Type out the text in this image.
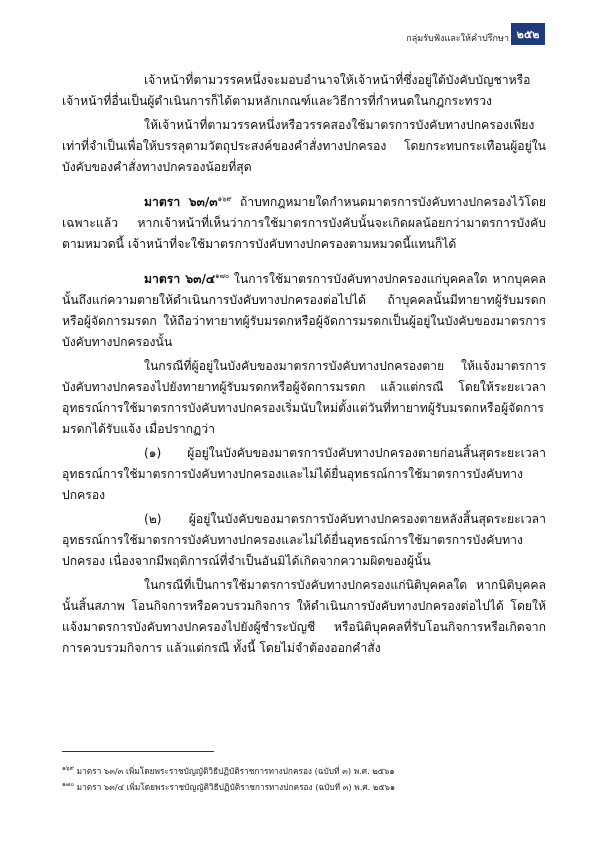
กลุ่มรับฟังและให้คำปรึกษา ๒๕๒

เจ้าหน้าที่ตามวรรคหนึ่งจะมอบอำนาจให้เจ้าหน้าที่ซึ่งอยู่ใต้บังคับบัญชาหรือเจ้าหน้าที่อื่นเป็นผู้ดำเนินการก็ได้ตามหลักเกณฑ์และวิธีการที่กำหนดในกฎกระทรวง

ให้เจ้าหน้าที่ตามวรรคหนึ่งหรือวรรคสองใช้มาตรการบังคับทางปกครองเพียงเท่าที่จำเป็นเพื่อให้บรรลุตามวัตถุประสงค์ของคำสั่งทางปกครอง โดยกระทบกระเทือนผู้อยู่ในบังคับของคำสั่งทางปกครองน้อยที่สุด

มาตรา ๖๓/๓$^{๑๖๙}$ ถ้าบทกฎหมายใดกำหนดมาตรการบังคับทางปกครองไว้โดยเฉพาะแล้ว หากเจ้าหน้าที่เห็นว่าการใช้มาตรการบังคับนั้นจะเกิดผลน้อยกว่ามาตรการบังคับตามหมวดนี้ เจ้าหน้าที่จะใช้มาตรการบังคับทางปกครองตามหมวดนี้แทนก็ได้

มาตรา ๖๓/๔$^{๑๗๐}$ ในการใช้มาตรการบังคับทางปกครองแก่บุคคลใด หากบุคคลนั้นถึงแก่ความตายให้ดำเนินการบังคับทางปกครองต่อไปได้ ถ้าบุคคลนั้นมีทายาทผู้รับมรดกหรือผู้จัดการมรดก ให้ถือว่าทายาทผู้รับมรดกหรือผู้จัดการมรดกเป็นผู้อยู่ในบังคับของมาตรการบังคับทางปกครองนั้น

ในกรณีที่ผู้อยู่ในบังคับของมาตรการบังคับทางปกครองตาย ให้แจ้งมาตรการบังคับทางปกครองไปยังทายาทผู้รับมรดกหรือผู้จัดการมรดก แล้วแต่กรณี โดยให้ระยะเวลาอุทธรณ์การใช้มาตรการบังคับทางปกครองเริ่มนับใหม่ตั้งแต่วันที่ทายาทผู้รับมรดกหรือผู้จัดการมรดกได้รับแจ้ง เมื่อปรากฏว่า

(๑) ผู้อยู่ในบังคับของมาตรการบังคับทางปกครองตายก่อนสิ้นสุดระยะเวลาอุทธรณ์การใช้มาตรการบังคับทางปกครองและไม่ได้ยื่นอุทธรณ์การใช้มาตรการบังคับทางปกครอง

(๒) ผู้อยู่ในบังคับของมาตรการบังคับทางปกครองตายหลังสิ้นสุดระยะเวลาอุทธรณ์การใช้มาตรการบังคับทางปกครองและไม่ได้ยื่นอุทธรณ์การใช้มาตรการบังคับทางปกครอง เนื่องจากมีพฤติการณ์ที่จำเป็นอันมิได้เกิดจากความผิดของผู้นั้น

ในกรณีที่เป็นการใช้มาตรการบังคับทางปกครองแก่นิติบุคคลใด หากนิติบุคคลนั้นสิ้นสภาพ โอนกิจการหรือควบรวมกิจการ ให้ดำเนินการบังคับทางปกครองต่อไปได้ โดยให้แจ้งมาตรการบังคับทางปกครองไปยังผู้ชำระบัญชี หรือนิติบุคคลที่รับโอนกิจการหรือเกิดจากการควบรวมกิจการ แล้วแต่กรณี ทั้งนี้ โดยไม่จำต้องออกคำสั่ง

$^{๑๖๙}$ มาตรา ๖๓/๓ เพิ่มโดยพระราชบัญญัติวิธีปฏิบัติราชการทางปกครอง (ฉบับที่ ๓) พ.ศ. ๒๕๖๑

$^{๑๗๐}$ มาตรา ๖๓/๔ เพิ่มโดยพระราชบัญญัติวิธีปฏิบัติราชการทางปกครอง (ฉบับที่ ๓) พ.ศ. ๒๕๖๑
